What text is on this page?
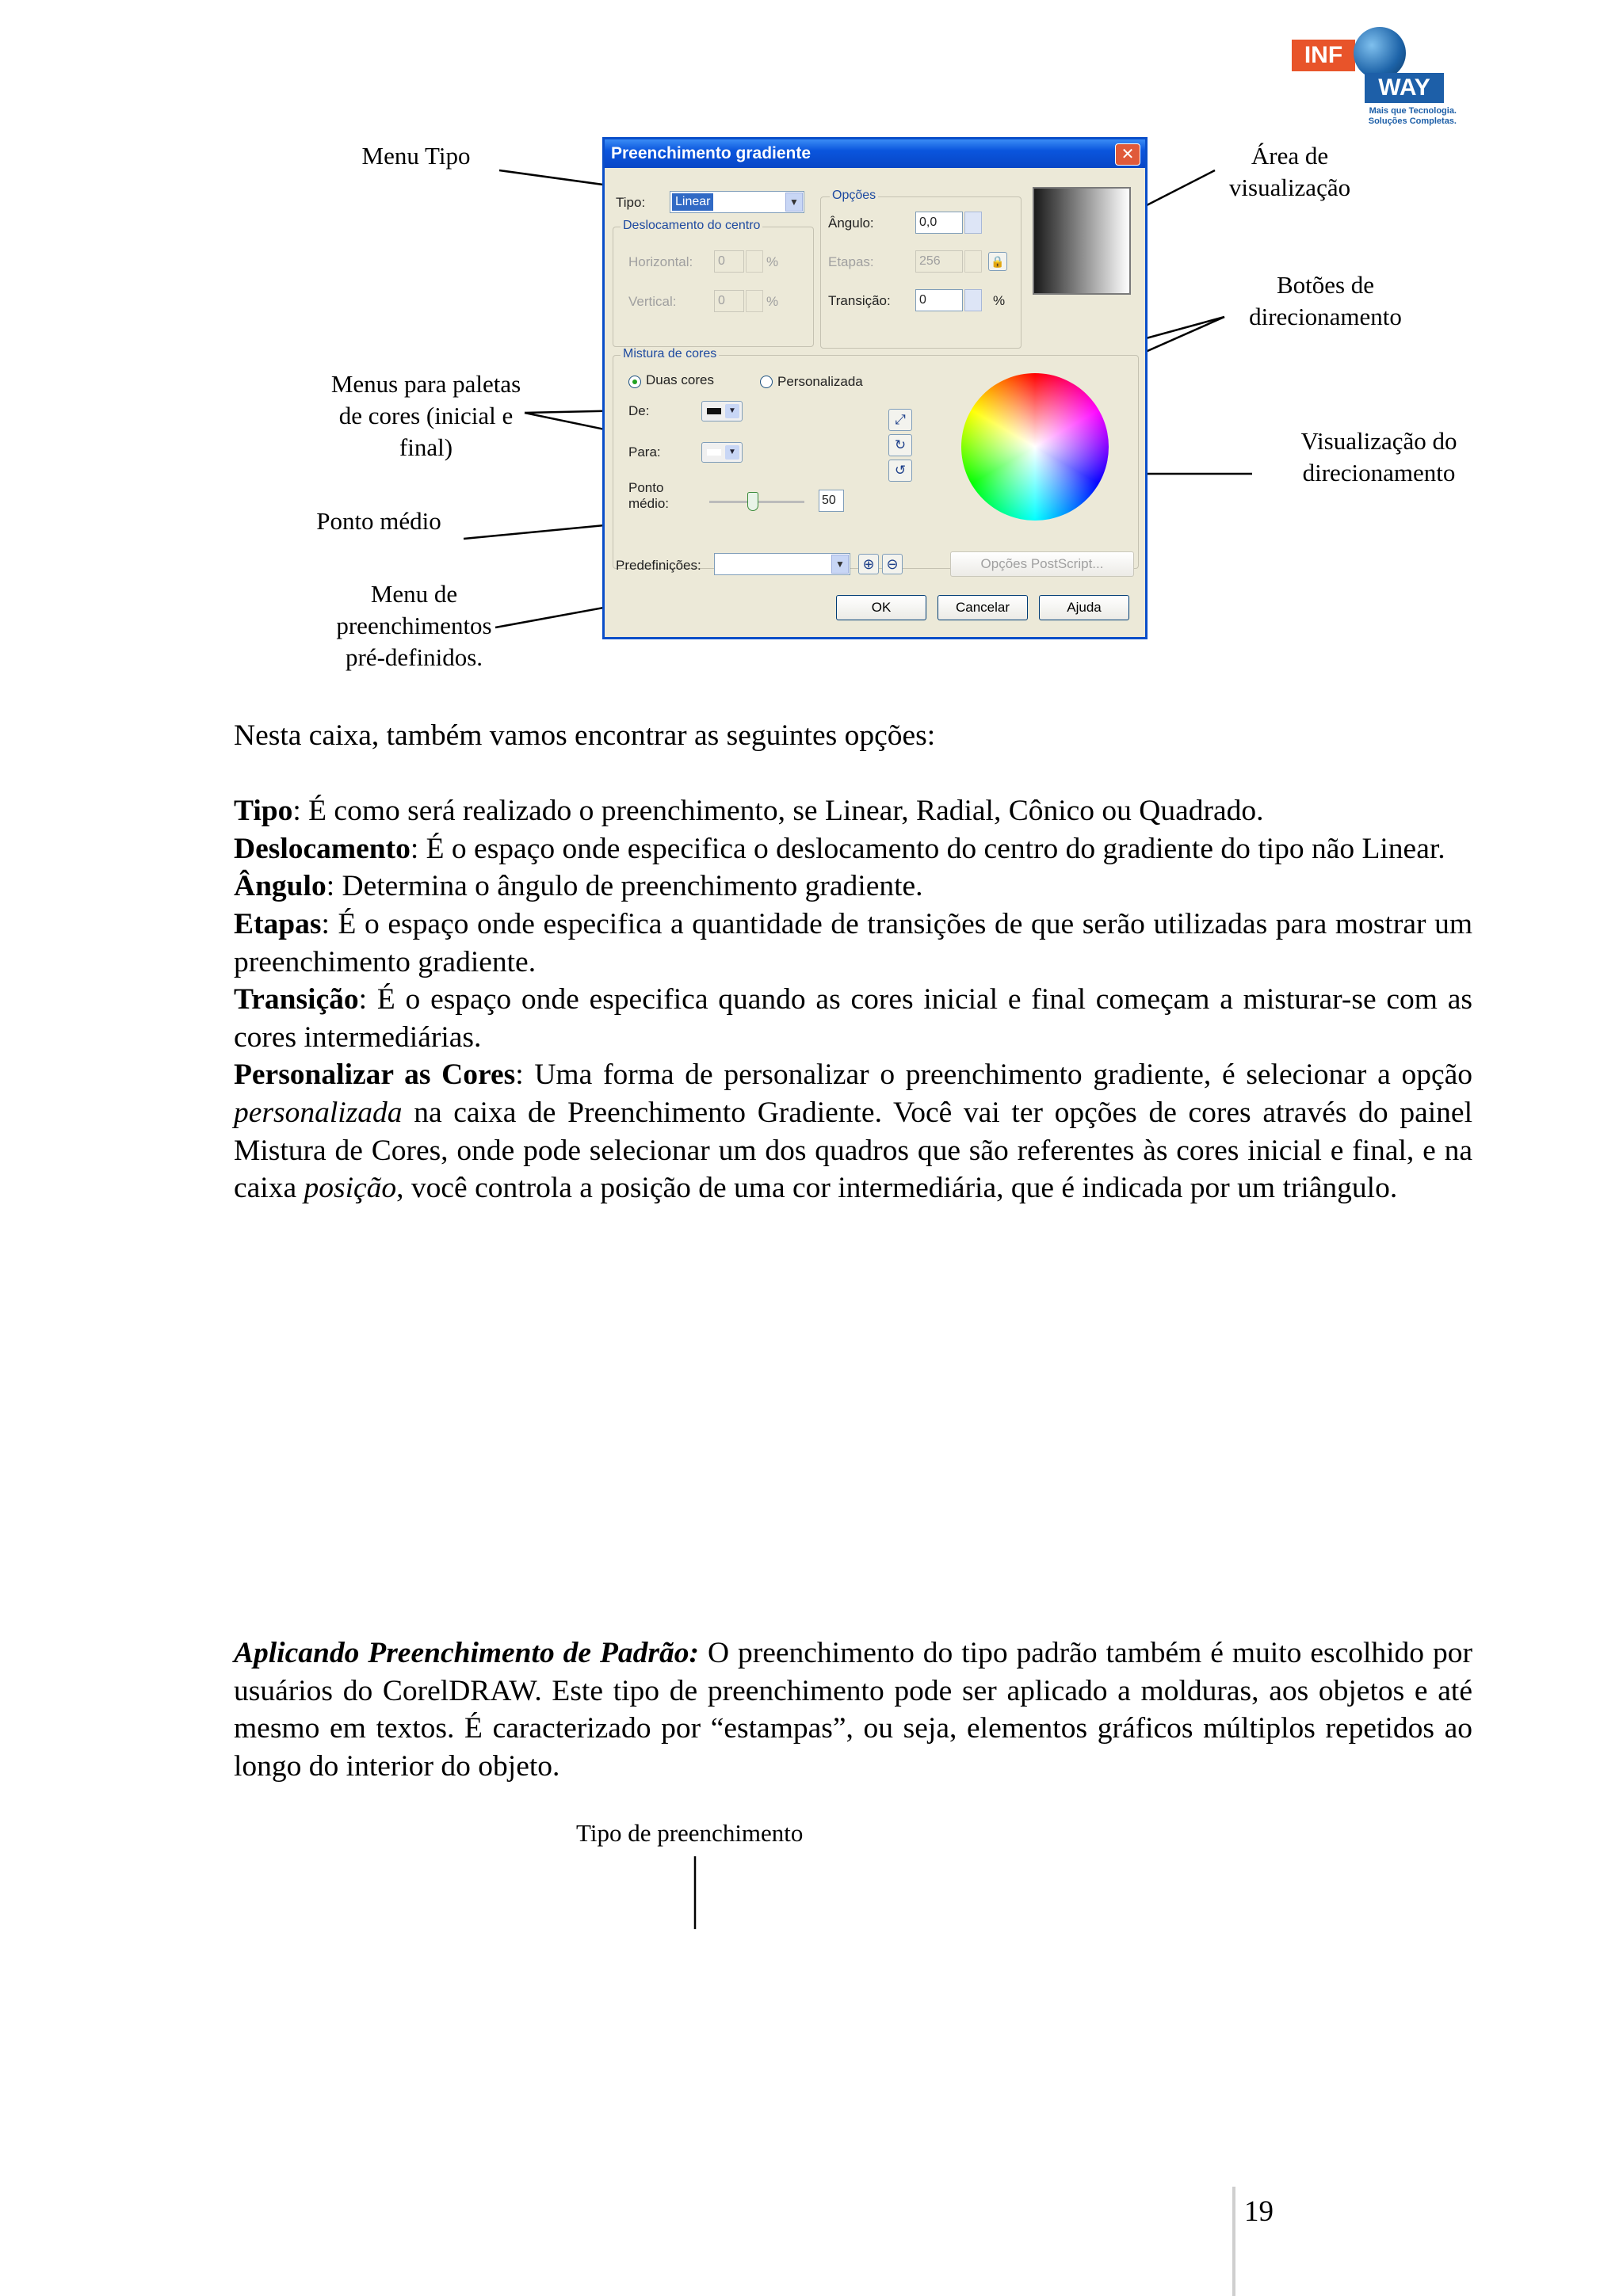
INF
WAY
Mais que Tecnologia. Soluções Completas.
Menu Tipo	Área de
visualização
Botões de
direcionamento
Menus para paletas
de cores (inicial e
final)	Visualização do
direcionamento
Ponto médio
Menu de
preenchimentos
pré-definidos.
Preenchimento gradiente	✕
Tipo: Linear	▼
Deslocamento do centro
Horizontal:	0	%
Vertical:	0	%
Opções
Ângulo:	0,0
Etapas:	256	🔒
Transição:	0	%
Mistura de cores
Duas cores	Personalizada
De:	▼
Para:	▼
Ponto
médio:	50
⤢
↻
↺
Predefinições:	▼	⊕ ⊖	Opções PostScript...
OK	Cancelar	Ajuda

Nesta caixa, também vamos encontrar as seguintes opções:

Tipo: É como será realizado o preenchimento, se Linear, Radial, Cônico ou Quadrado.

Deslocamento: É o espaço onde especifica o deslocamento do centro do gradiente do tipo não Linear.

Ângulo: Determina o ângulo de preenchimento gradiente.

Etapas: É o espaço onde especifica a quantidade de transições de que serão utilizadas para mostrar um preenchimento gradiente.

Transição: É o espaço onde especifica quando as cores inicial e final começam a misturar-se com as cores intermediárias.

Personalizar as Cores: Uma forma de personalizar o preenchimento gradiente, é selecionar a opção personalizada na caixa de Preenchimento Gradiente. Você vai ter opções de cores através do painel Mistura de Cores, onde pode selecionar um dos quadros que são referentes às cores inicial e final, e na caixa posição, você controla a posição de uma cor intermediária, que é indicada por um triângulo.

Aplicando Preenchimento de Padrão: O preenchimento do tipo padrão também é muito escolhido por usuários do CorelDRAW. Este tipo de preenchimento pode ser aplicado a molduras, aos objetos e até mesmo em textos. É caracterizado por “estampas”, ou seja, elementos gráficos múltiplos repetidos ao longo do interior do objeto.

Tipo de preenchimento
19
